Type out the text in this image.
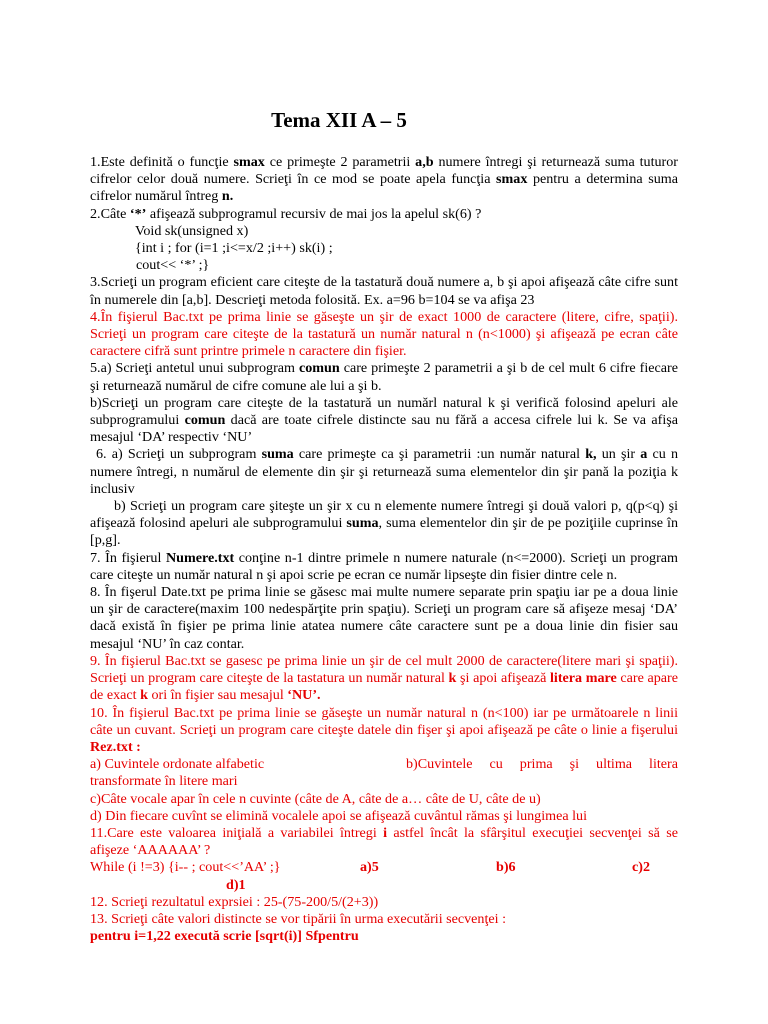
Tema XII A – 5

1.Este definită o funcţie smax ce primeşte 2 parametrii a,b numere întregi şi returnează suma tuturor cifrelor celor două numere. Scrieţi în ce mod se poate apela funcţia smax pentru a determina suma cifrelor numărul întreg n.

2.Câte ‘*’ afişează subprogramul recursiv de mai jos la apelul sk(6) ?

Void sk(unsigned x)

{int i ; for (i=1 ;i<=x/2 ;i++) sk(i) ;

cout<< ‘*’ ;}

3.Scrieţi un program eficient care citeşte de la tastatură două numere a, b şi apoi afişează câte cifre sunt în numerele din [a,b]. Descrieţi metoda folosită. Ex. a=96 b=104 se va afişa 23

4.În fişierul Bac.txt pe prima linie se găseşte un şir de exact 1000 de caractere (litere, cifre, spaţii). Scrieţi un program care citeşte de la tastatură un număr natural n (n<1000) şi afişează pe ecran câte caractere cifră sunt printre primele n caractere din fişier.

5.a) Scrieţi antetul unui subprogram comun care primeşte 2 parametrii a şi b de cel mult 6 cifre fiecare şi returnează numărul de cifre comune ale lui a şi b.

b)Scrieţi un program care citeşte de la tastatură un numărl natural k şi verifică folosind apeluri ale subprogramului comun dacă are toate cifrele distincte sau nu fără a accesa cifrele lui k. Se va afişa mesajul ‘DA’ respectiv ‘NU’

6. a) Scrieţi un subprogram suma care primeşte ca şi parametrii :un număr natural k, un şir a cu n numere întregi, n numărul de elemente din şir şi returnează suma elementelor din şir pană la poziţia k inclusiv

b) Scrieţi un program care şiteşte un şir x cu n elemente numere întregi şi două valori p, q(p<q) şi afişează folosind apeluri ale subprogramului suma, suma elementelor din şir de pe poziţiile cuprinse în [p,g].

7. În fişierul Numere.txt conţine n-1 dintre primele n numere naturale (n<=2000). Scrieţi un program care citeşte un număr natural n şi apoi scrie pe ecran ce număr lipseşte din fisier dintre cele n.

8. În fişerul Date.txt pe prima linie se găsesc mai multe numere separate prin spaţiu iar pe a doua linie un şir de caractere(maxim 100 nedespărţite prin spaţiu). Scrieţi un program care să afişeze mesaj ‘DA’ dacă există în fişier pe prima linie atatea numere câte caractere sunt pe a doua linie din fisier sau mesajul ‘NU’ în caz contar.

9. În fişierul Bac.txt se gasesc pe prima linie un şir de cel mult 2000 de caractere(litere mari şi spaţii). Scrieţi un program care citeşte de la tastatura un număr natural k şi apoi afişează litera mare care apare de exact k ori în fişier sau mesajul ‘NU’.

10. În fişierul Bac.txt pe prima linie se găseşte un număr natural n (n<100) iar pe următoarele n linii câte un cuvant. Scrieţi un program care citeşte datele din fişer şi apoi afişează pe câte o linie a fişerului Rez.txt :

a) Cuvintele ordonate alfabetic	b)Cuvintele cu prima şi ultima litera

transformate în litere mari

c)Câte vocale apar în cele n cuvinte (câte de A, câte de a… câte de U, câte de u)

d) Din fiecare cuvînt se elimină vocalele apoi se afişează cuvântul rămas şi lungimea lui

11.Care este valoarea iniţială a variabilei întregi i astfel încât la sfârşitul execuţiei secvenţei să se afişeze ‘AAAAAA’ ?

While (i !=3) {i-- ; cout<<’AA’ ;}	a)5	b)6	c)2

d)1

12. Scrieţi rezultatul exprsiei : 25-(75-200/5/(2+3))

13. Scrieţi câte valori distincte se vor tipării în urma executării secvenţei :

pentru i=1,22 execută scrie [sqrt(i)] Sfpentru
